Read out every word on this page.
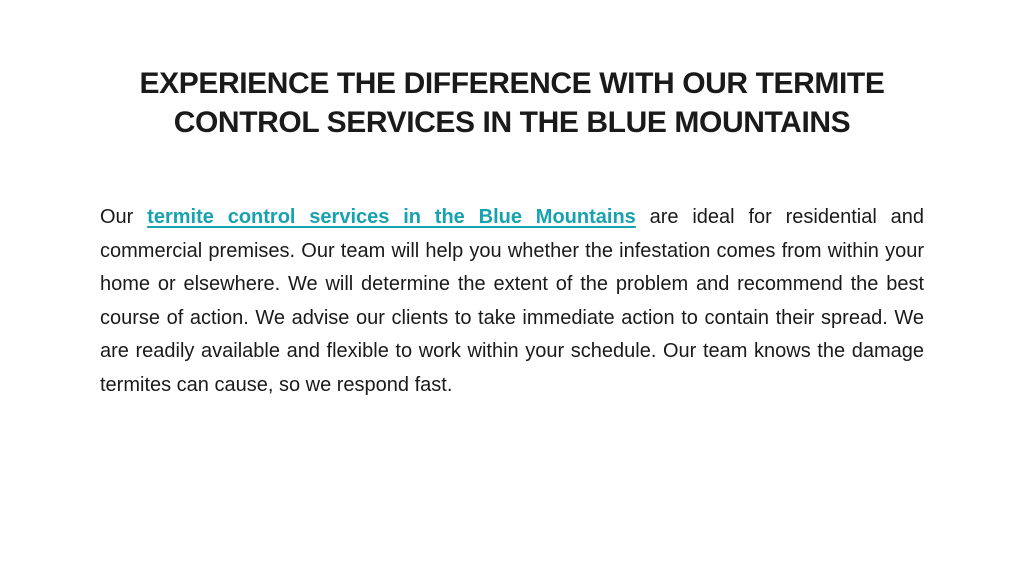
EXPERIENCE THE DIFFERENCE WITH OUR TERMITE
CONTROL SERVICES IN THE BLUE MOUNTAINS

Our termite control services in the Blue Mountains are ideal for residential and commercial premises. Our team will help you whether the infestation comes from within your home or elsewhere. We will determine the extent of the problem and recommend the best course of action. We advise our clients to take immediate action to contain their spread. We are readily available and flexible to work within your schedule. Our team knows the damage termites can cause, so we respond fast.
